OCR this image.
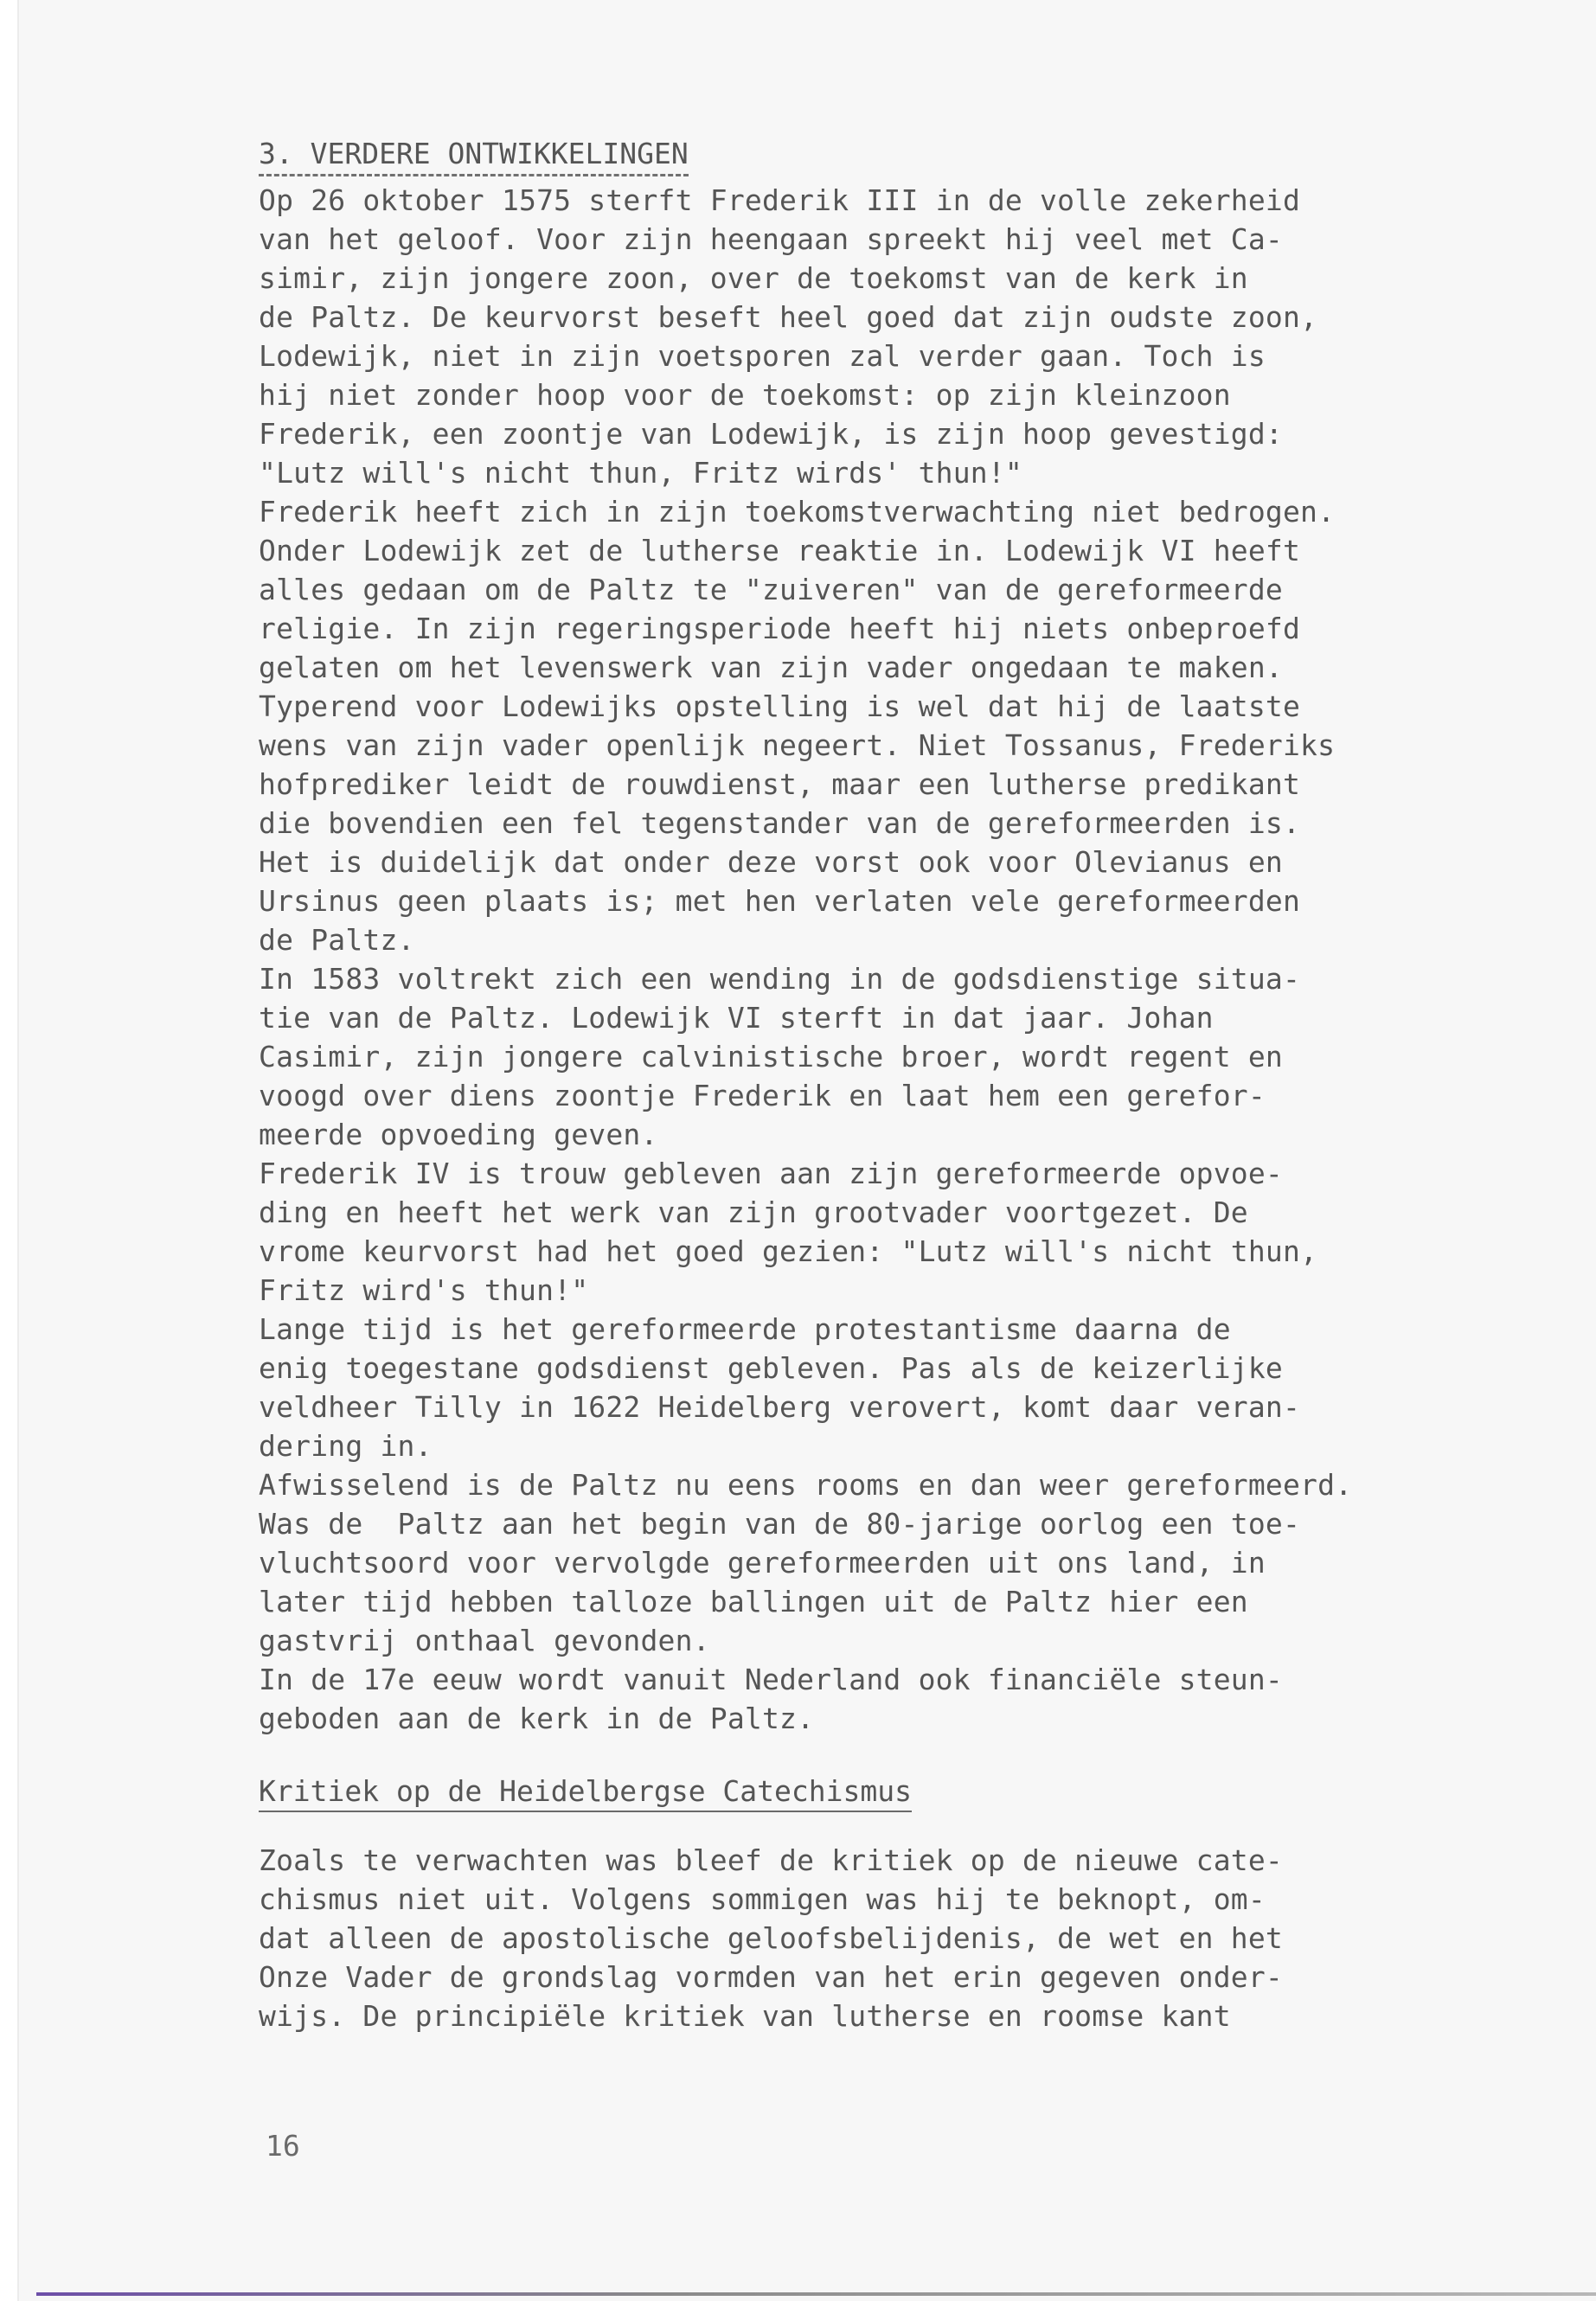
3. VERDERE ONTWIKKELINGEN
Op 26 oktober 1575 sterft Frederik III in de volle zekerheid
van het geloof. Voor zijn heengaan spreekt hij veel met Ca-
simir, zijn jongere zoon, over de toekomst van de kerk in
de Paltz. De keurvorst beseft heel goed dat zijn oudste zoon,
Lodewijk, niet in zijn voetsporen zal verder gaan. Toch is
hij niet zonder hoop voor de toekomst: op zijn kleinzoon
Frederik, een zoontje van Lodewijk, is zijn hoop gevestigd:
"Lutz will's nicht thun, Fritz wirds' thun!"
Frederik heeft zich in zijn toekomstverwachting niet bedrogen.
Onder Lodewijk zet de lutherse reaktie in. Lodewijk VI heeft
alles gedaan om de Paltz te "zuiveren" van de gereformeerde
religie. In zijn regeringsperiode heeft hij niets onbeproefd
gelaten om het levenswerk van zijn vader ongedaan te maken.
Typerend voor Lodewijks opstelling is wel dat hij de laatste
wens van zijn vader openlijk negeert. Niet Tossanus, Frederiks
hofprediker leidt de rouwdienst, maar een lutherse predikant
die bovendien een fel tegenstander van de gereformeerden is.
Het is duidelijk dat onder deze vorst ook voor Olevianus en
Ursinus geen plaats is; met hen verlaten vele gereformeerden
de Paltz.
In 1583 voltrekt zich een wending in de godsdienstige situa-
tie van de Paltz. Lodewijk VI sterft in dat jaar. Johan
Casimir, zijn jongere calvinistische broer, wordt regent en
voogd over diens zoontje Frederik en laat hem een gerefor-
meerde opvoeding geven.
Frederik IV is trouw gebleven aan zijn gereformeerde opvoe-
ding en heeft het werk van zijn grootvader voortgezet. De
vrome keurvorst had het goed gezien: "Lutz will's nicht thun,
Fritz wird's thun!"
Lange tijd is het gereformeerde protestantisme daarna de
enig toegestane godsdienst gebleven. Pas als de keizerlijke
veldheer Tilly in 1622 Heidelberg verovert, komt daar veran-
dering in.
Afwisselend is de Paltz nu eens rooms en dan weer gereformeerd.
Was de  Paltz aan het begin van de 80-jarige oorlog een toe-
vluchtsoord voor vervolgde gereformeerden uit ons land, in
later tijd hebben talloze ballingen uit de Paltz hier een
gastvrij onthaal gevonden.
In de 17e eeuw wordt vanuit Nederland ook financiële steun-
geboden aan de kerk in de Paltz.
Kritiek op de Heidelbergse Catechismus
Zoals te verwachten was bleef de kritiek op de nieuwe cate-
chismus niet uit. Volgens sommigen was hij te beknopt, om-
dat alleen de apostolische geloofsbelijdenis, de wet en het
Onze Vader de grondslag vormden van het erin gegeven onder-
wijs. De principiële kritiek van lutherse en roomse kant
16
